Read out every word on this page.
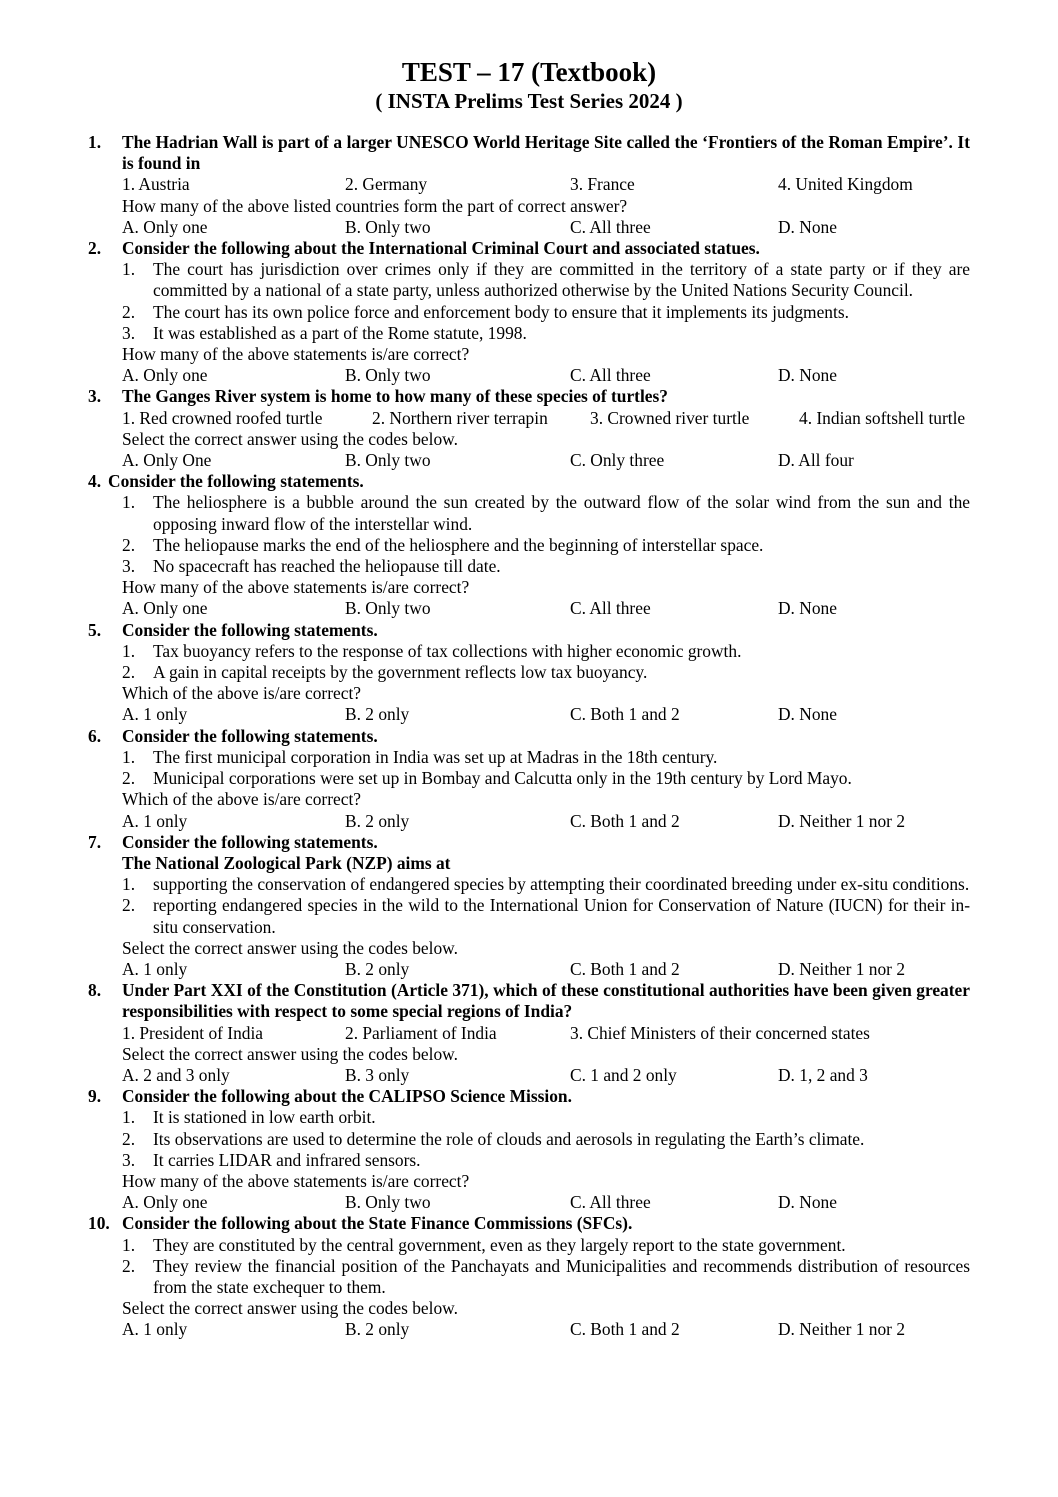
TEST – 17 (Textbook)
( INSTA Prelims Test Series 2024 )
1.	The Hadrian Wall is part of a larger UNESCO World Heritage Site called the ‘Frontiers of the Roman Empire’. It is found in
1. Austria	2. Germany	3. France	4. United Kingdom
How many of the above listed countries form the part of correct answer?
A. Only one	B. Only two	C. All three	D. None
2.	Consider the following about the International Criminal Court and associated statues.
1.	The court has jurisdiction over crimes only if they are committed in the territory of a state party or if they are committed by a national of a state party, unless authorized otherwise by the United Nations Security Council.
2.	The court has its own police force and enforcement body to ensure that it implements its judgments.
3.	It was established as a part of the Rome statute, 1998.
How many of the above statements is/are correct?
A. Only one	B. Only two	C. All three	D. None
3.	The Ganges River system is home to how many of these species of turtles?
1. Red crowned roofed turtle	2. Northern river terrapin	3. Crowned river turtle	4. Indian softshell turtle
Select the correct answer using the codes below.
A. Only One	B. Only two	C. Only three	D. All four
4. Consider the following statements.
1.	The heliosphere is a bubble around the sun created by the outward flow of the solar wind from the sun and the opposing inward flow of the interstellar wind.
2.	The heliopause marks the end of the heliosphere and the beginning of interstellar space.
3.	No spacecraft has reached the heliopause till date.
How many of the above statements is/are correct?
A. Only one	B. Only two	C. All three	D. None
5.	Consider the following statements.
1.	Tax buoyancy refers to the response of tax collections with higher economic growth.
2.	A gain in capital receipts by the government reflects low tax buoyancy.
Which of the above is/are correct?
A. 1 only	B. 2 only	C. Both 1 and 2	D. None
6.	Consider the following statements.
1.	The first municipal corporation in India was set up at Madras in the 18th century.
2.	Municipal corporations were set up in Bombay and Calcutta only in the 19th century by Lord Mayo.
Which of the above is/are correct?
A. 1 only	B. 2 only	C. Both 1 and 2	D. Neither 1 nor 2
7.	Consider the following statements.
The National Zoological Park (NZP) aims at
1.	supporting the conservation of endangered species by attempting their coordinated breeding under ex-situ conditions.
2.	reporting endangered species in the wild to the International Union for Conservation of Nature (IUCN) for their in-situ conservation.
Select the correct answer using the codes below.
A. 1 only	B. 2 only	C. Both 1 and 2	D. Neither 1 nor 2
8.	Under Part XXI of the Constitution (Article 371), which of these constitutional authorities have been given greater responsibilities with respect to some special regions of India?
1. President of India	2. Parliament of India	3. Chief Ministers of their concerned states
Select the correct answer using the codes below.
A. 2 and 3 only	B. 3 only	C. 1 and 2 only	D. 1, 2 and 3
9.	Consider the following about the CALIPSO Science Mission.
1.	It is stationed in low earth orbit.
2.	Its observations are used to determine the role of clouds and aerosols in regulating the Earth’s climate.
3.	It carries LIDAR and infrared sensors.
How many of the above statements is/are correct?
A. Only one	B. Only two	C. All three	D. None
10. Consider the following about the State Finance Commissions (SFCs).
1.	They are constituted by the central government, even as they largely report to the state government.
2.	They review the financial position of the Panchayats and Municipalities and recommends distribution of resources from the state exchequer to them.
Select the correct answer using the codes below.
A. 1 only	B. 2 only	C. Both 1 and 2	D. Neither 1 nor 2
